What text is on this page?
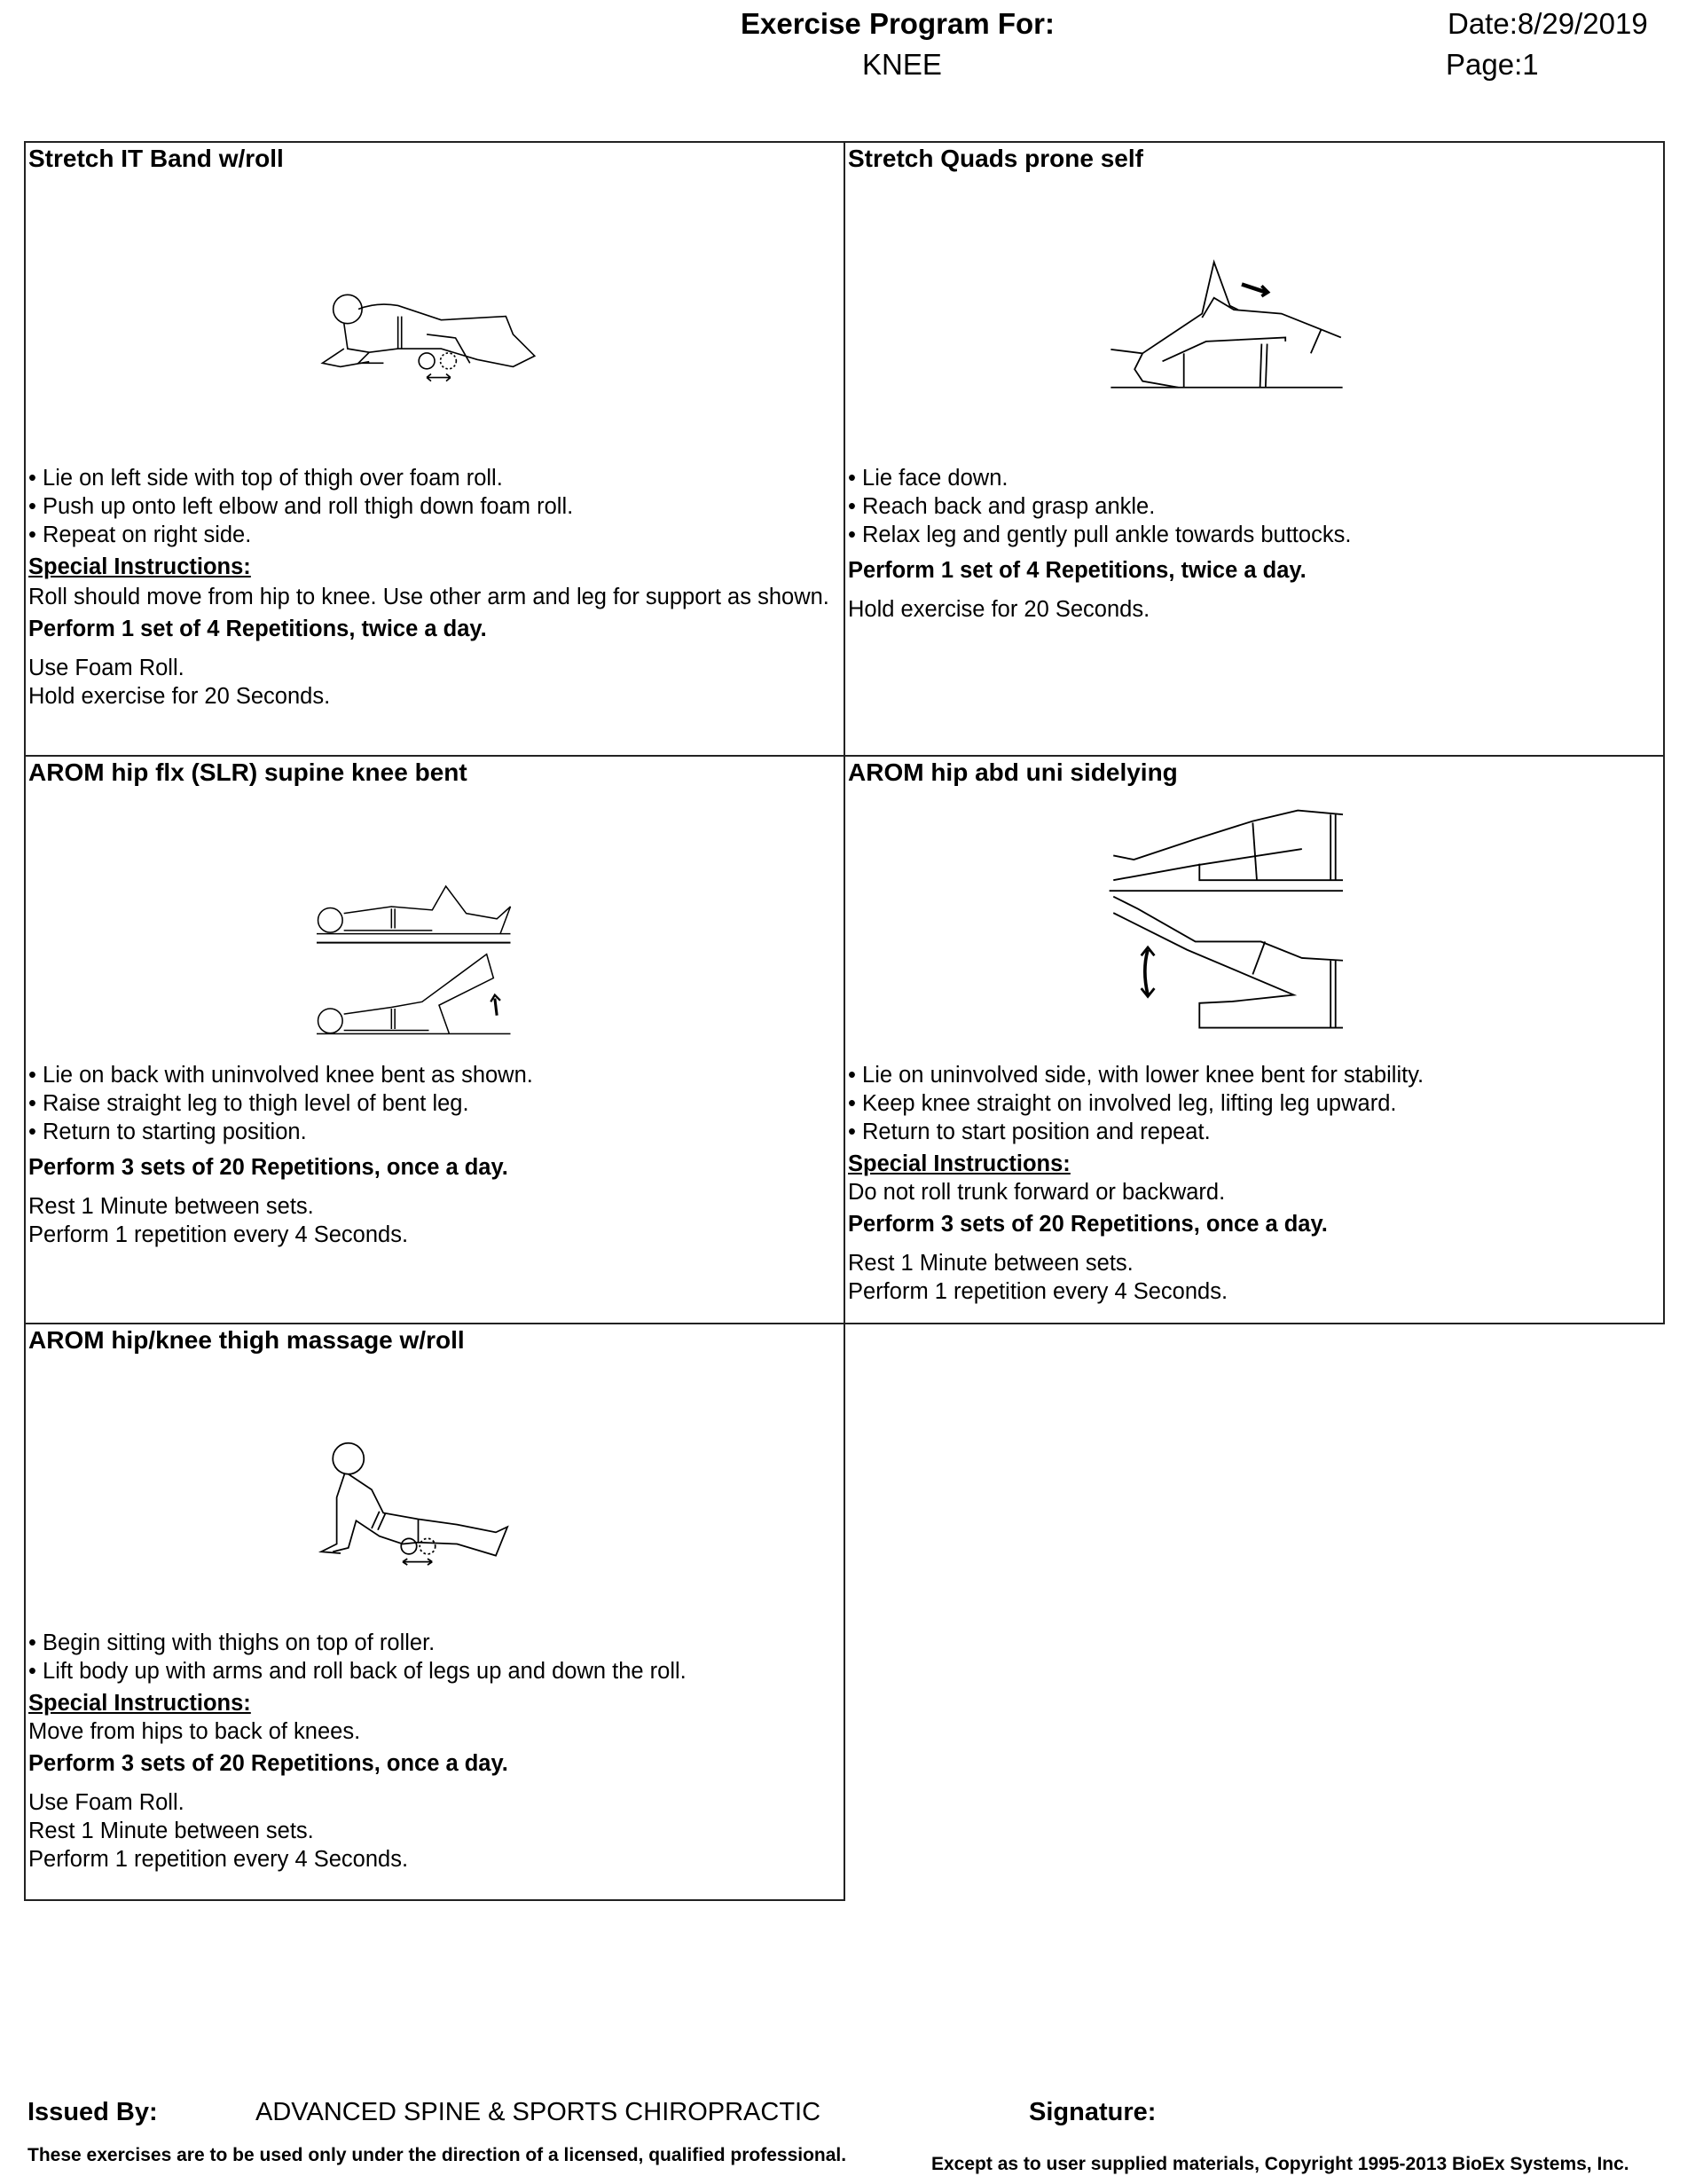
Exercise Program For:
KNEE
Date:8/29/2019
Page:1
Stretch IT Band w/roll
• Lie on left side with top of thigh over foam roll.
• Push up onto left elbow and roll thigh down foam roll.
• Repeat on right side.
Special Instructions:
Roll should move from hip to knee. Use other arm and leg for support as shown.
Perform 1 set of 4 Repetitions, twice a day.
Use Foam Roll.
Hold exercise for 20 Seconds.
Stretch Quads prone self
• Lie face down.
• Reach back and grasp ankle.
• Relax leg and gently pull ankle towards buttocks.
Perform 1 set of 4 Repetitions, twice a day.
Hold exercise for 20 Seconds.
AROM hip flx (SLR) supine knee bent
• Lie on back with uninvolved knee bent as shown.
• Raise straight leg to thigh level of bent leg.
• Return to starting position.
Perform 3 sets of 20 Repetitions, once a day.
Rest 1 Minute between sets.
Perform 1 repetition every 4 Seconds.
AROM hip abd uni sidelying
• Lie on uninvolved side, with lower knee bent for stability.
• Keep knee straight on involved leg, lifting leg upward.
• Return to start position and repeat.
Special Instructions:
Do not roll trunk forward or backward.
Perform 3 sets of 20 Repetitions, once a day.
Rest 1 Minute between sets.
Perform 1 repetition every 4 Seconds.
AROM hip/knee thigh massage w/roll
• Begin sitting with thighs on top of roller.
• Lift body up with arms and roll back of legs up and down the roll.
Special Instructions:
Move from hips to back of knees.
Perform 3 sets of 20 Repetitions, once a day.
Use Foam Roll.
Rest 1 Minute between sets.
Perform 1 repetition every 4 Seconds.
Issued By:	ADVANCED SPINE & SPORTS CHIROPRACTIC	Signature:
These exercises are to be used only under the direction of a licensed, qualified professional.	Except as to user supplied materials, Copyright 1995-2013 BioEx Systems, Inc.
